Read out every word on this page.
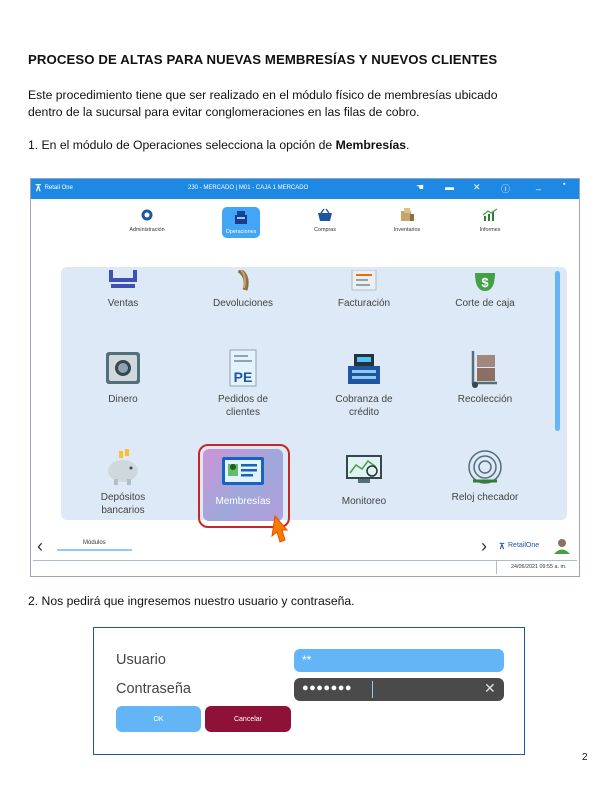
PROCESO DE ALTAS PARA NUEVAS MEMBRESÍAS Y NUEVOS CLIENTES
Este procedimiento tiene que ser realizado en el módulo físico de membresías ubicado
dentro de la sucursal para evitar conglomeraciones en las filas de cobro.
1. En el módulo de Operaciones selecciona la opción de Membresías.
⊼ Retail One	230 - MERCADO | M01 - CAJA 1 MERCADO	☚ ▬ ✕ ⓘ	_	▪
Administración	Operaciones	Compras	Inventarios	Informes
Ventas	Devoluciones	Facturación
$
Corte de caja
Dinero
PE
Pedidos de
clientes
Cobranza de
crédito
Recolección
Depósitos
bancarios
Membresías	Monitoreo	Reloj checador
‹	Módulos	› ⊼ RetailOne
24/06/2021 09:55 a. m.
2. Nos pedirá que ingresemos nuestro usuario y contraseña.
Usuario	**
Contraseña	●●●●●●●	✕
OK	Cancelar
2
